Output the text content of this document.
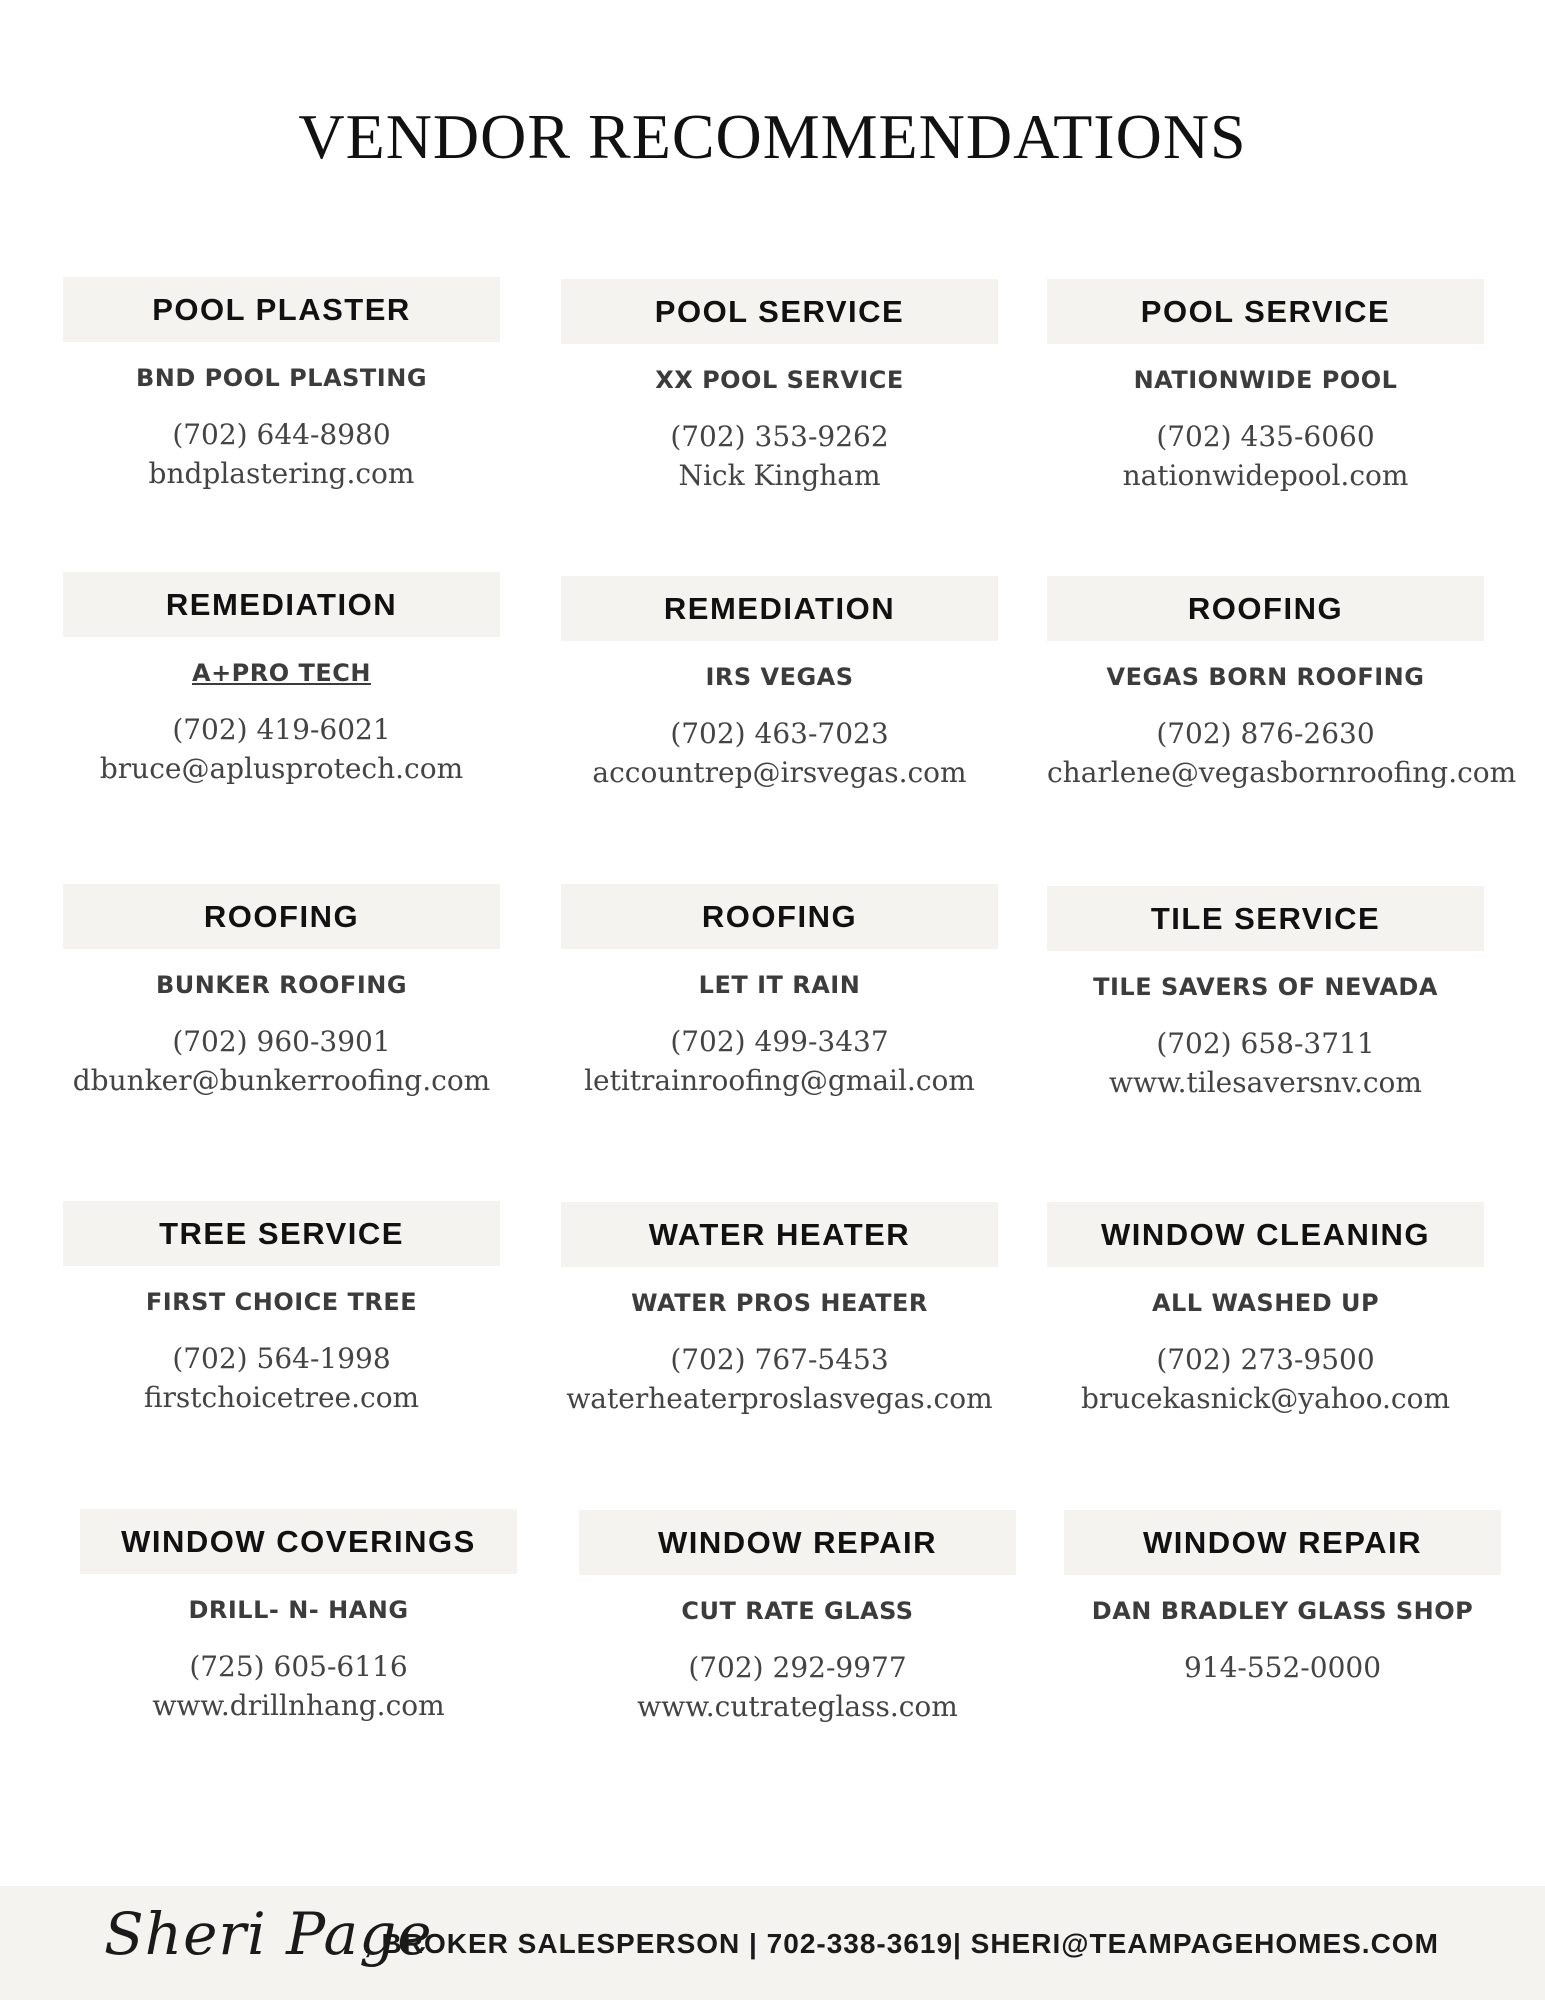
VENDOR RECOMMENDATIONS
POOL PLASTER
BND POOL PLASTING
(702) 644-8980
bndplastering.com
POOL SERVICE
XX POOL SERVICE
(702) 353-9262
Nick Kingham
POOL SERVICE
NATIONWIDE POOL
(702) 435-6060
nationwidepool.com
REMEDIATION
A+PRO TECH
(702) 419-6021
bruce@aplusprotech.com
REMEDIATION
IRS VEGAS
(702) 463-7023
accountrep@irsvegas.com
ROOFING
VEGAS BORN ROOFING
(702) 876-2630
charlene@vegasbornroofing.com
ROOFING
BUNKER ROOFING
(702) 960-3901
dbunker@bunkerroofing.com
ROOFING
LET IT RAIN
(702) 499-3437
letitrainroofing@gmail.com
TILE SERVICE
TILE SAVERS OF NEVADA
(702) 658-3711
www.tilesaversnv.com
TREE SERVICE
FIRST CHOICE TREE
(702) 564-1998
firstchoicetree.com
WATER HEATER
WATER PROS HEATER
(702) 767-5453
waterheaterproslasvegas.com
WINDOW CLEANING
ALL WASHED UP
(702) 273-9500
brucekasnick@yahoo.com
WINDOW COVERINGS
DRILL- N- HANG
(725) 605-6116
www.drillnhang.com
WINDOW REPAIR
CUT RATE GLASS
(702) 292-9977
www.cutrateglass.com
WINDOW REPAIR
DAN BRADLEY GLASS SHOP
914-552-0000
Sheri Page
, BROKER SALESPERSON | 702-338-3619| SHERI@TEAMPAGEHOMES.COM
